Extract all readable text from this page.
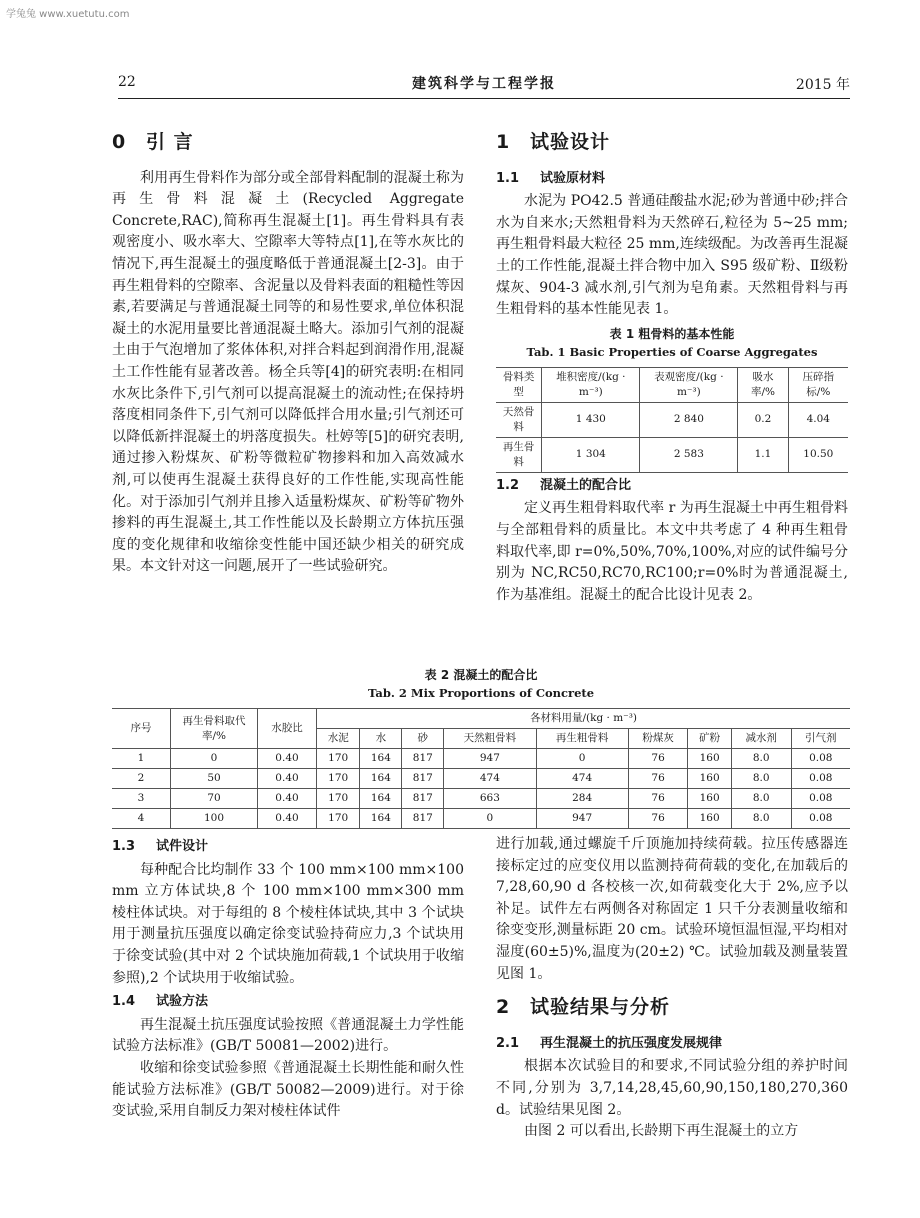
学兔兔 www.xuetutu.com
22	建筑科学与工程学报	2015 年
0 引 言

利用再生骨料作为部分或全部骨料配制的混凝土称为再生骨料混凝土(Recycled Aggregate Concrete,RAC),简称再生混凝土[1]。再生骨料具有表观密度小、吸水率大、空隙率大等特点[1],在等水灰比的情况下,再生混凝土的强度略低于普通混凝土[2-3]。由于再生粗骨料的空隙率、含泥量以及骨料表面的粗糙性等因素,若要满足与普通混凝土同等的和易性要求,单位体积混凝土的水泥用量要比普通混凝土略大。添加引气剂的混凝土由于气泡增加了浆体体积,对拌合料起到润滑作用,混凝土工作性能有显著改善。杨全兵等[4]的研究表明:在相同水灰比条件下,引气剂可以提高混凝土的流动性;在保持坍落度相同条件下,引气剂可以降低拌合用水量;引气剂还可以降低新拌混凝土的坍落度损失。杜婷等[5]的研究表明,通过掺入粉煤灰、矿粉等微粒矿物掺料和加入高效减水剂,可以使再生混凝土获得良好的工作性能,实现高性能化。对于添加引气剂并且掺入适量粉煤灰、矿粉等矿物外掺料的再生混凝土,其工作性能以及长龄期立方体抗压强度的变化规律和收缩徐变性能中国还缺少相关的研究成果。本文针对这一问题,展开了一些试验研究。

1 试验设计
1.1 试验原材料

水泥为 PO42.5 普通硅酸盐水泥;砂为普通中砂;拌合水为自来水;天然粗骨料为天然碎石,粒径为 5~25 mm;再生粗骨料最大粒径 25 mm,连续级配。为改善再生混凝土的工作性能,混凝土拌合物中加入 S95 级矿粉、Ⅱ级粉煤灰、904-3 减水剂,引气剂为皂角素。天然粗骨料与再生粗骨料的基本性能见表 1。

表 1 粗骨料的基本性能
Tab. 1 Basic Properties of Coarse Aggregates
骨料类型	堆积密度/(kg · m⁻³)	表观密度/(kg · m⁻³)	吸水率/%	压碎指标/%
天然骨料	1 430	2 840	0.2	4.04
再生骨料	1 304	2 583	1.1	10.50
1.2 混凝土的配合比

定义再生粗骨料取代率 r 为再生混凝土中再生粗骨料与全部粗骨料的质量比。本文中共考虑了 4 种再生粗骨料取代率,即 r=0%,50%,70%,100%,对应的试件编号分别为 NC,RC50,RC70,RC100;r=0%时为普通混凝土,作为基准组。混凝土的配合比设计见表 2。

表 2 混凝土的配合比
Tab. 2 Mix Proportions of Concrete
序号	再生骨料取代率/%	水胶比	各材料用量/(kg · m⁻³)								
			水泥	水	砂	天然粗骨料	再生粗骨料	粉煤灰	矿粉	减水剂	引气剂
1	0	0.40	170	164	817	947	0	76	160	8.0	0.08
2	50	0.40	170	164	817	474	474	76	160	8.0	0.08
3	70	0.40	170	164	817	663	284	76	160	8.0	0.08
4	100	0.40	170	164	817	0	947	76	160	8.0	0.08
1.3 试件设计

每种配合比均制作 33 个 100 mm×100 mm×100 mm 立方体试块,8 个 100 mm×100 mm×300 mm 棱柱体试块。对于每组的 8 个棱柱体试块,其中 3 个试块用于测量抗压强度以确定徐变试验持荷应力,3 个试块用于徐变试验(其中对 2 个试块施加荷载,1 个试块用于收缩参照),2 个试块用于收缩试验。

1.4 试验方法

再生混凝土抗压强度试验按照《普通混凝土力学性能试验方法标准》(GB/T 50081—2002)进行。

收缩和徐变试验参照《普通混凝土长期性能和耐久性能试验方法标准》(GB/T 50082—2009)进行。对于徐变试验,采用自制反力架对棱柱体试件

进行加载,通过螺旋千斤顶施加持续荷载。拉压传感器连接标定过的应变仪用以监测持荷荷载的变化,在加载后的 7,28,60,90 d 各校核一次,如荷载变化大于 2%,应予以补足。试件左右两侧各对称固定 1 只千分表测量收缩和徐变变形,测量标距 20 cm。试验环境恒温恒湿,平均相对湿度(60±5)%,温度为(20±2) ℃。试验加载及测量装置见图 1。

2 试验结果与分析
2.1 再生混凝土的抗压强度发展规律

根据本次试验目的和要求,不同试验分组的养护时间不同,分别为 3,7,14,28,45,60,90,150,180,270,360 d。试验结果见图 2。

由图 2 可以看出,长龄期下再生混凝土的立方
